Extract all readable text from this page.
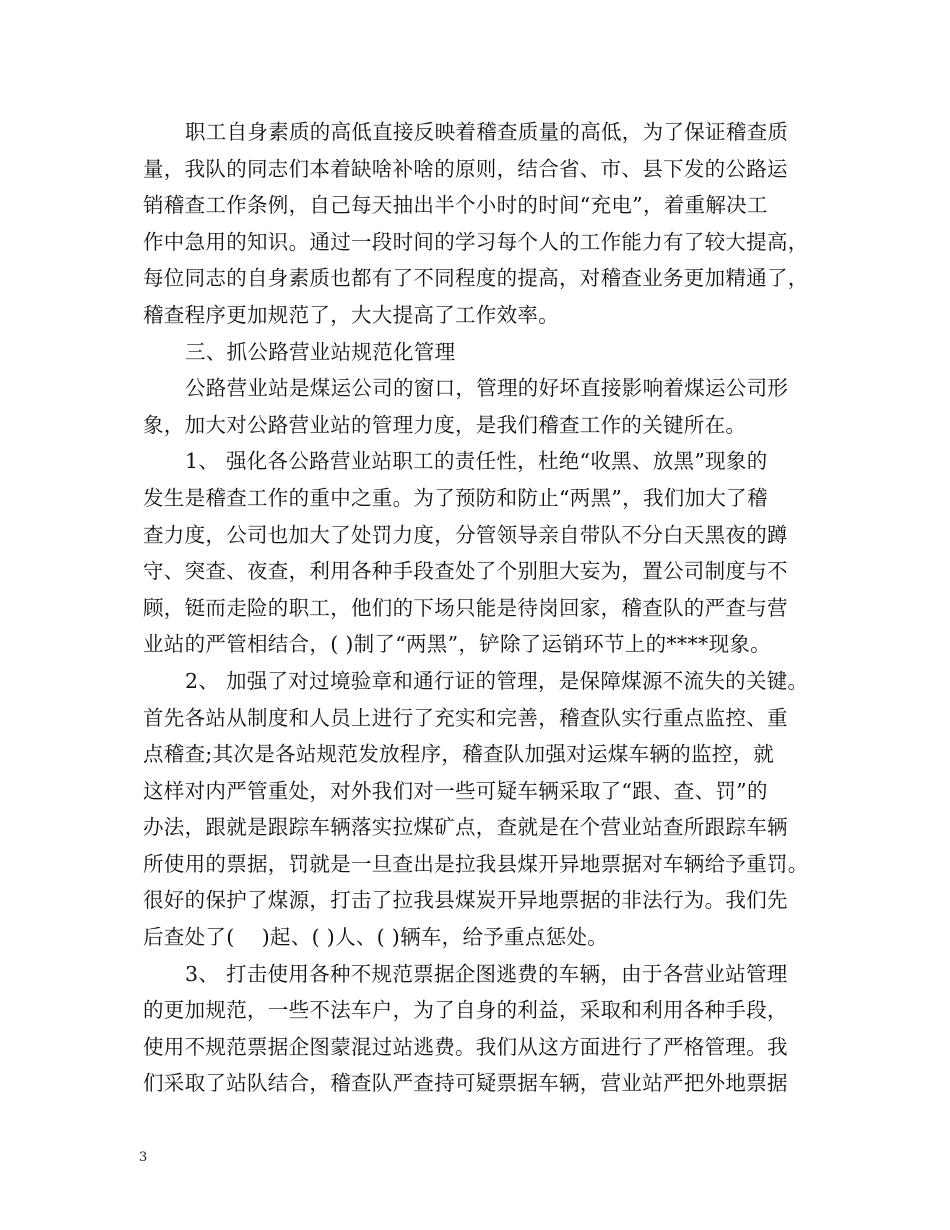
职工自身素质的高低直接反映着稽查质量的高低，为了保证稽查质
量，我队的同志们本着缺啥补啥的原则，结合省、市、县下发的公路运
销稽查工作条例，自己每天抽出半个小时的时间“充电”，着重解决工
作中急用的知识。通过一段时间的学习每个人的工作能力有了较大提高，
每位同志的自身素质也都有了不同程度的提高，对稽查业务更加精通了，
稽查程序更加规范了，大大提高了工作效率。

三、抓公路营业站规范化管理

公路营业站是煤运公司的窗口，管理的好坏直接影响着煤运公司形
象，加大对公路营业站的管理力度，是我们稽查工作的关键所在。

1、 强化各公路营业站职工的责任性，杜绝“收黑、放黑”现象的
发生是稽查工作的重中之重。为了预防和防止“两黑”，我们加大了稽
查力度，公司也加大了处罚力度，分管领导亲自带队不分白天黑夜的蹲
守、突查、夜查，利用各种手段查处了个别胆大妄为，置公司制度与不
顾，铤而走险的职工，他们的下场只能是待岗回家，稽查队的严查与营
业站的严管相结合，( )制了“两黑”，铲除了运销环节上的****现象。

2、 加强了对过境验章和通行证的管理，是保障煤源不流失的关键。
首先各站从制度和人员上进行了充实和完善，稽查队实行重点监控、重
点稽查;其次是各站规范发放程序，稽查队加强对运煤车辆的监控，就
这样对内严管重处，对外我们对一些可疑车辆采取了“跟、查、罚”的
办法，跟就是跟踪车辆落实拉煤矿点，查就是在个营业站查所跟踪车辆
所使用的票据，罚就是一旦查出是拉我县煤开异地票据对车辆给予重罚。
很好的保护了煤源，打击了拉我县煤炭开异地票据的非法行为。我们先
后查处了(    )起、( )人、( )辆车，给予重点惩处。

3、 打击使用各种不规范票据企图逃费的车辆，由于各营业站管理
的更加规范，一些不法车户，为了自身的利益，采取和利用各种手段，
使用不规范票据企图蒙混过站逃费。我们从这方面进行了严格管理。我
们采取了站队结合，稽查队严查持可疑票据车辆，营业站严把外地票据

3
